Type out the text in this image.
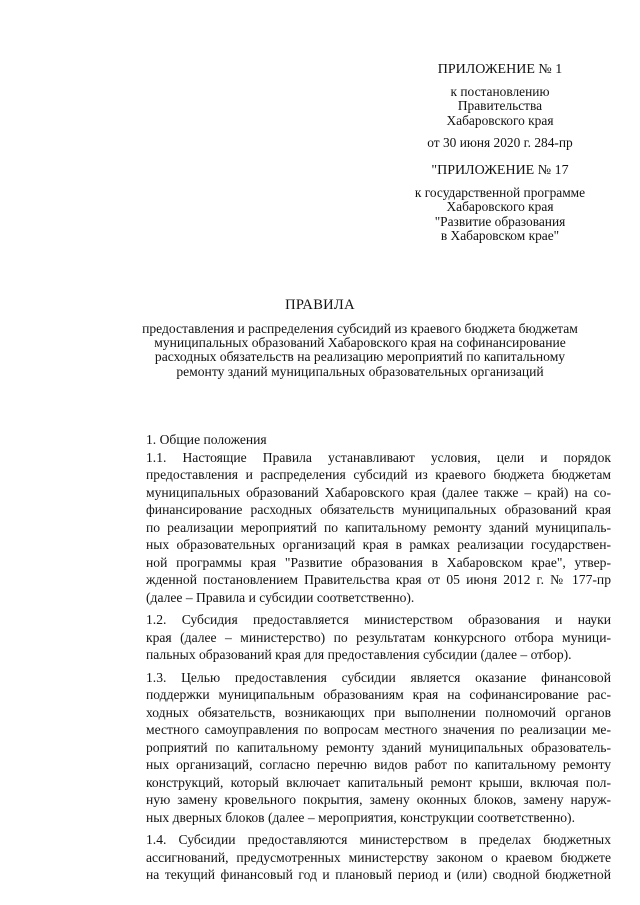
ПРИЛОЖЕНИЕ № 1
к постановлению
Правительства
Хабаровского края
от 30 июня 2020 г. 284-пр
"ПРИЛОЖЕНИЕ № 17
к государственной программе
Хабаровского края
"Развитие образования
в Хабаровском крае"
ПРАВИЛА
предоставления и распределения субсидий из краевого бюджета бюджетам
муниципальных образований Хабаровского края на софинансирование
расходных обязательств на реализацию мероприятий по капитальному
ремонту зданий муниципальных образовательных организаций

1. Общие положения

1.1. Настоящие Правила устанавливают условия, цели и порядок
предоставления и распределения субсидий из краевого бюджета бюджетам
муниципальных образований Хабаровского края (далее также – край) на со-
финансирование расходных обязательств муниципальных образований края
по реализации мероприятий по капитальному ремонту зданий муниципаль-
ных образовательных организаций края в рамках реализации государствен-
ной программы края "Развитие образования в Хабаровском крае", утвер-
жденной постановлением Правительства края от 05 июня 2012 г. № 177-пр
(далее – Правила и субсидии соответственно).

1.2. Субсидия предоставляется министерством образования и науки
края (далее – министерство) по результатам конкурсного отбора муници-
пальных образований края для предоставления субсидии (далее – отбор).

1.3. Целью предоставления субсидии является оказание финансовой
поддержки муниципальным образованиям края на софинансирование рас-
ходных обязательств, возникающих при выполнении полномочий органов
местного самоуправления по вопросам местного значения по реализации ме-
роприятий по капитальному ремонту зданий муниципальных образователь-
ных организаций, согласно перечню видов работ по капитальному ремонту
конструкций, который включает капитальный ремонт крыши, включая пол-
ную замену кровельного покрытия, замену оконных блоков, замену наруж-
ных дверных блоков (далее – мероприятия, конструкции соответственно).

1.4. Субсидии предоставляются министерством в пределах бюджетных
ассигнований, предусмотренных министерству законом о краевом бюджете
на текущий финансовый год и плановый период и (или) сводной бюджетной
